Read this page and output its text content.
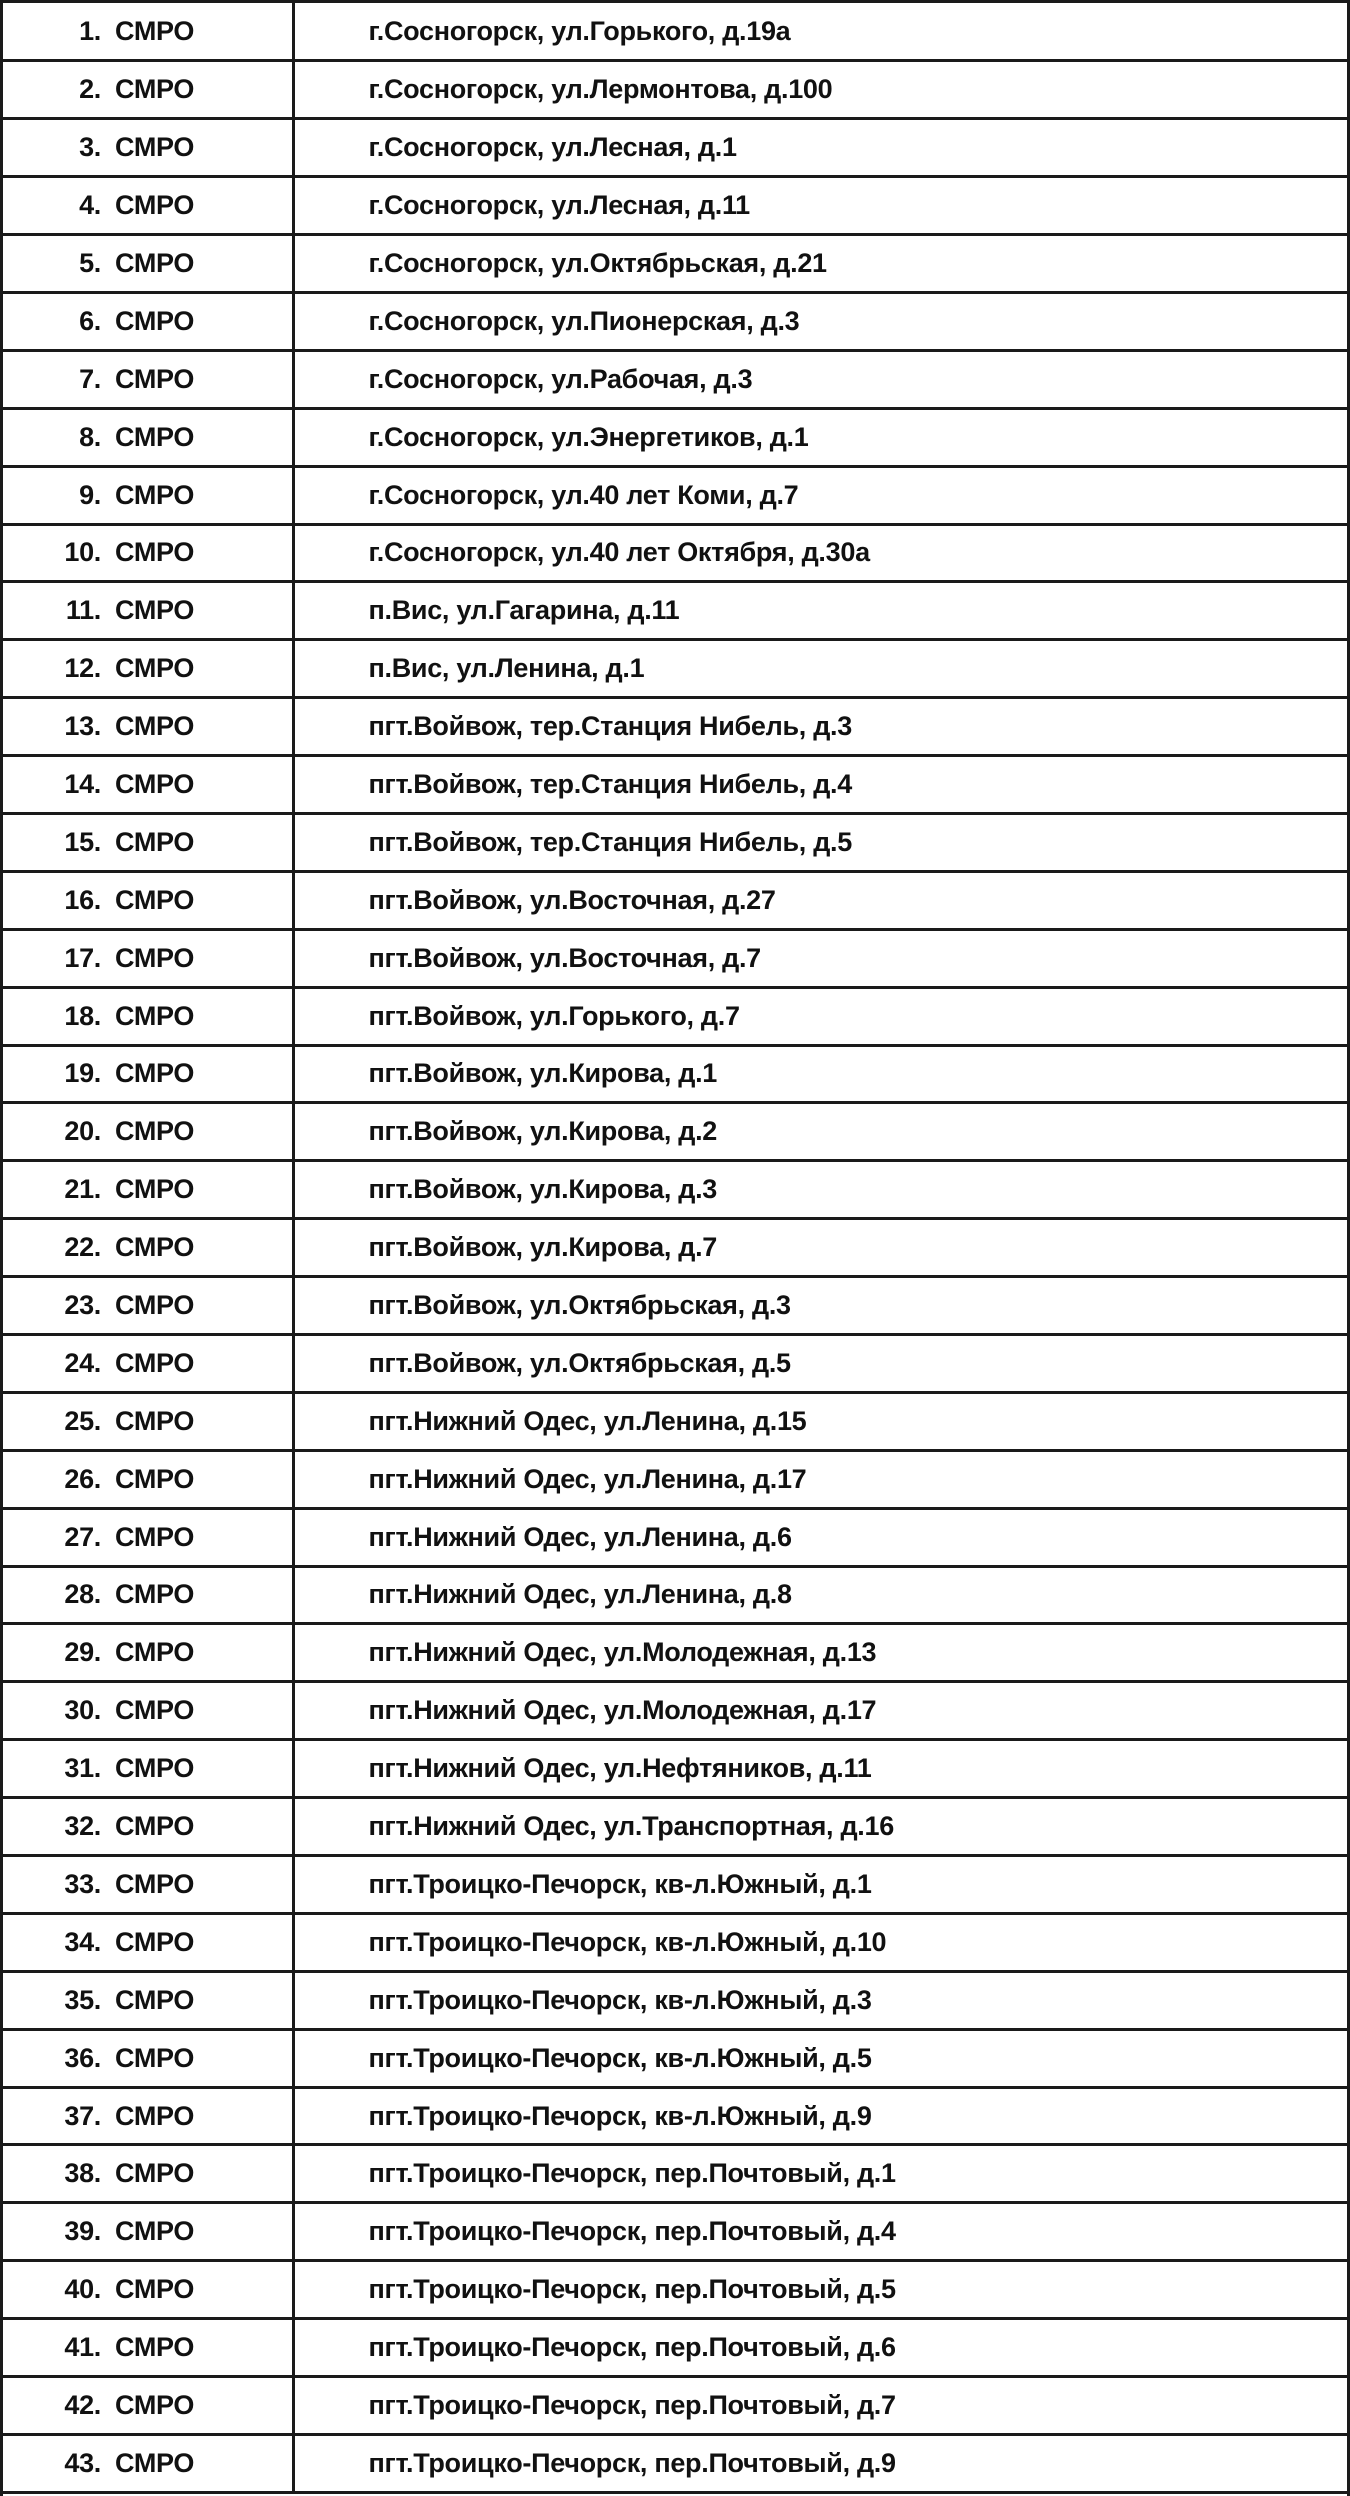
1.	СМРО	г.Сосногорск, ул.Горького, д.19а
2.	СМРО	г.Сосногорск, ул.Лермонтова, д.100
3.	СМРО	г.Сосногорск, ул.Лесная, д.1
4.	СМРО	г.Сосногорск, ул.Лесная, д.11
5.	СМРО	г.Сосногорск, ул.Октябрьская, д.21
6.	СМРО	г.Сосногорск, ул.Пионерская, д.3
7.	СМРО	г.Сосногорск, ул.Рабочая, д.3
8.	СМРО	г.Сосногорск, ул.Энергетиков, д.1
9.	СМРО	г.Сосногорск, ул.40 лет Коми, д.7
10.	СМРО	г.Сосногорск, ул.40 лет Октября, д.30а
11.	СМРО	п.Вис, ул.Гагарина, д.11
12.	СМРО	п.Вис, ул.Ленина, д.1
13.	СМРО	пгт.Войвож, тер.Станция Нибель, д.3
14.	СМРО	пгт.Войвож, тер.Станция Нибель, д.4
15.	СМРО	пгт.Войвож, тер.Станция Нибель, д.5
16.	СМРО	пгт.Войвож, ул.Восточная, д.27
17.	СМРО	пгт.Войвож, ул.Восточная, д.7
18.	СМРО	пгт.Войвож, ул.Горького, д.7
19.	СМРО	пгт.Войвож, ул.Кирова, д.1
20.	СМРО	пгт.Войвож, ул.Кирова, д.2
21.	СМРО	пгт.Войвож, ул.Кирова, д.3
22.	СМРО	пгт.Войвож, ул.Кирова, д.7
23.	СМРО	пгт.Войвож, ул.Октябрьская, д.3
24.	СМРО	пгт.Войвож, ул.Октябрьская, д.5
25.	СМРО	пгт.Нижний Одес, ул.Ленина, д.15
26.	СМРО	пгт.Нижний Одес, ул.Ленина, д.17
27.	СМРО	пгт.Нижний Одес, ул.Ленина, д.6
28.	СМРО	пгт.Нижний Одес, ул.Ленина, д.8
29.	СМРО	пгт.Нижний Одес, ул.Молодежная, д.13
30.	СМРО	пгт.Нижний Одес, ул.Молодежная, д.17
31.	СМРО	пгт.Нижний Одес, ул.Нефтяников, д.11
32.	СМРО	пгт.Нижний Одес, ул.Транспортная, д.16
33.	СМРО	пгт.Троицко-Печорск, кв-л.Южный, д.1
34.	СМРО	пгт.Троицко-Печорск, кв-л.Южный, д.10
35.	СМРО	пгт.Троицко-Печорск, кв-л.Южный, д.3
36.	СМРО	пгт.Троицко-Печорск, кв-л.Южный, д.5
37.	СМРО	пгт.Троицко-Печорск, кв-л.Южный, д.9
38.	СМРО	пгт.Троицко-Печорск, пер.Почтовый, д.1
39.	СМРО	пгт.Троицко-Печорск, пер.Почтовый, д.4
40.	СМРО	пгт.Троицко-Печорск, пер.Почтовый, д.5
41.	СМРО	пгт.Троицко-Печорск, пер.Почтовый, д.6
42.	СМРО	пгт.Троицко-Печорск, пер.Почтовый, д.7
43.	СМРО	пгт.Троицко-Печорск, пер.Почтовый, д.9
